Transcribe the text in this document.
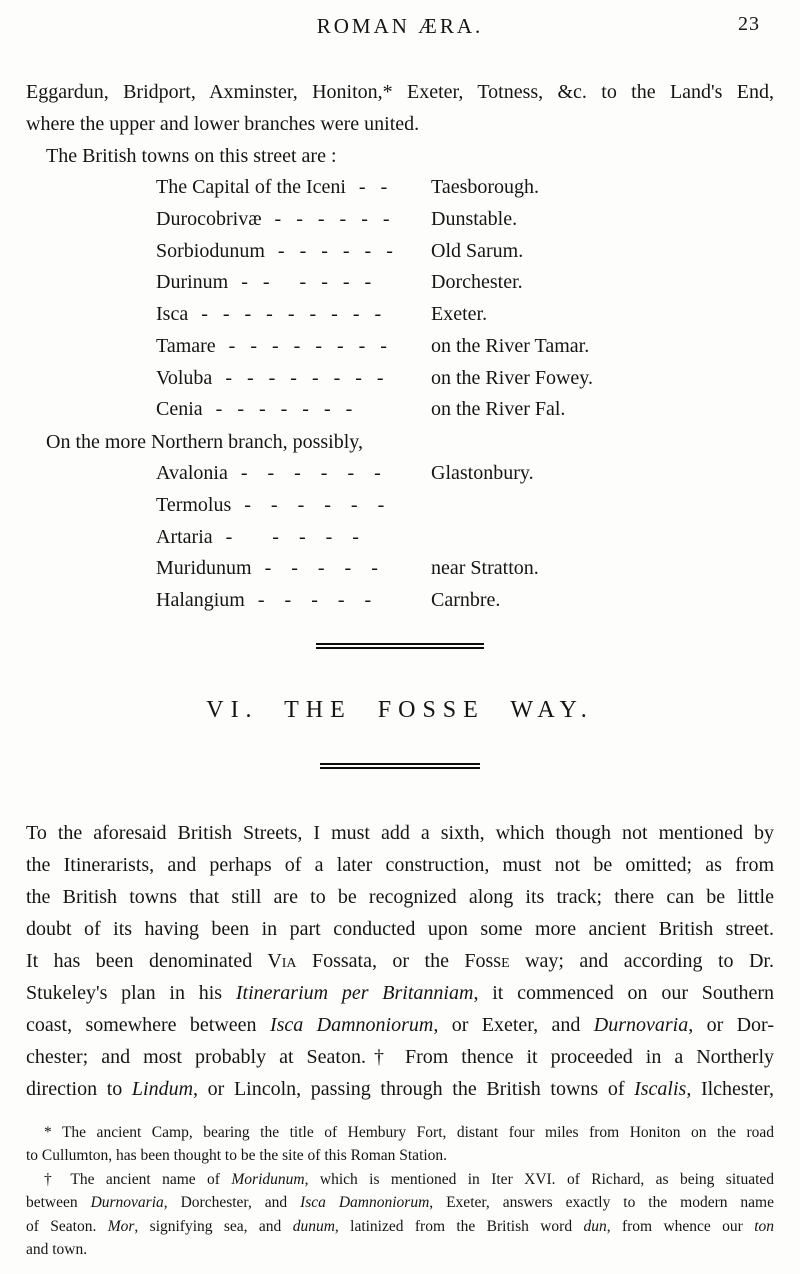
ROMAN ÆRA.	23

Eggardun, Bridport, Axminster, Honiton,* Exeter, Totness, &c. to the Land's End,
where the upper and lower branches were united.

The British towns on this street are :
The Capital of the Iceni - - Taesborough.
Durocobrivæ - - - - - - Dunstable.
Sorbiodunum - - - - - - Old Sarum.
Durinum - -  - - - -	Dorchester.
Isca - - - - - - - - - Exeter.
Tamare - - - - - - - - on the River Tamar.
Voluba - - - - - - - - on the River Fowey.
Cenia - - - - - - -	on the River Fal.
On the more Northern branch, possibly,
Avalonia - - - - - -	Glastonbury.
Termolus - - - - - -
Artaria -  - - - -
Muridunum - - - - -	near Stratton.
Halangium - - - - -	Carnbre.
VI. THE FOSSE WAY.
To the aforesaid British Streets, I must add a sixth, which though not mentioned by
the Itinerarists, and perhaps of a later construction, must not be omitted; as from
the British towns that still are to be recognized along its track; there can be little
doubt of its having been in part conducted upon some more ancient British street.
It has been denominated Via Fossata, or the Fosse way; and according to Dr.
Stukeley's plan in his Itinerarium per Britanniam, it commenced on our Southern
coast, somewhere between Isca Damnoniorum, or Exeter, and Durnovaria, or Dor-
chester; and most probably at Seaton.† From thence it proceeded in a Northerly
direction to Lindum, or Lincoln, passing through the British towns of Iscalis, Ilchester,
* The ancient Camp, bearing the title of Hembury Fort, distant four miles from Honiton on the road
to Cullumton, has been thought to be the site of this Roman Station.
† The ancient name of Moridunum, which is mentioned in Iter XVI. of Richard, as being situated
between Durnovaria, Dorchester, and Isca Damnoniorum, Exeter, answers exactly to the modern name
of Seaton. Mor, signifying sea, and dunum, latinized from the British word dun, from whence our ton
and town.
